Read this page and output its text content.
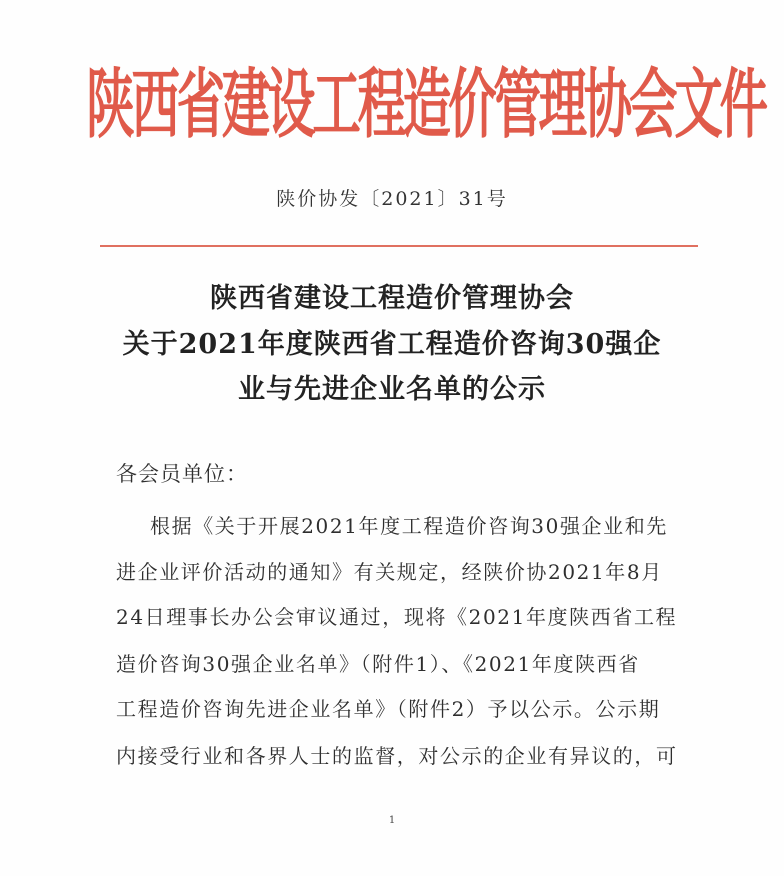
陕西省建设工程造价管理协会文件
陕价协发〔2021〕31号
陕西省建设工程造价管理协会
关于2021年度陕西省工程造价咨询30强企
业与先进企业名单的公示
各会员单位：
根据《关于开展2021年度工程造价咨询30强企业和先
进企业评价活动的通知》有关规定，经陕价协2021年8月
24日理事长办公会审议通过，现将《2021年度陕西省工程
造价咨询30强企业名单》（附件1）、《2021年度陕西省
工程造价咨询先进企业名单》（附件2）予以公示。公示期
内接受行业和各界人士的监督，对公示的企业有异议的，可
1
